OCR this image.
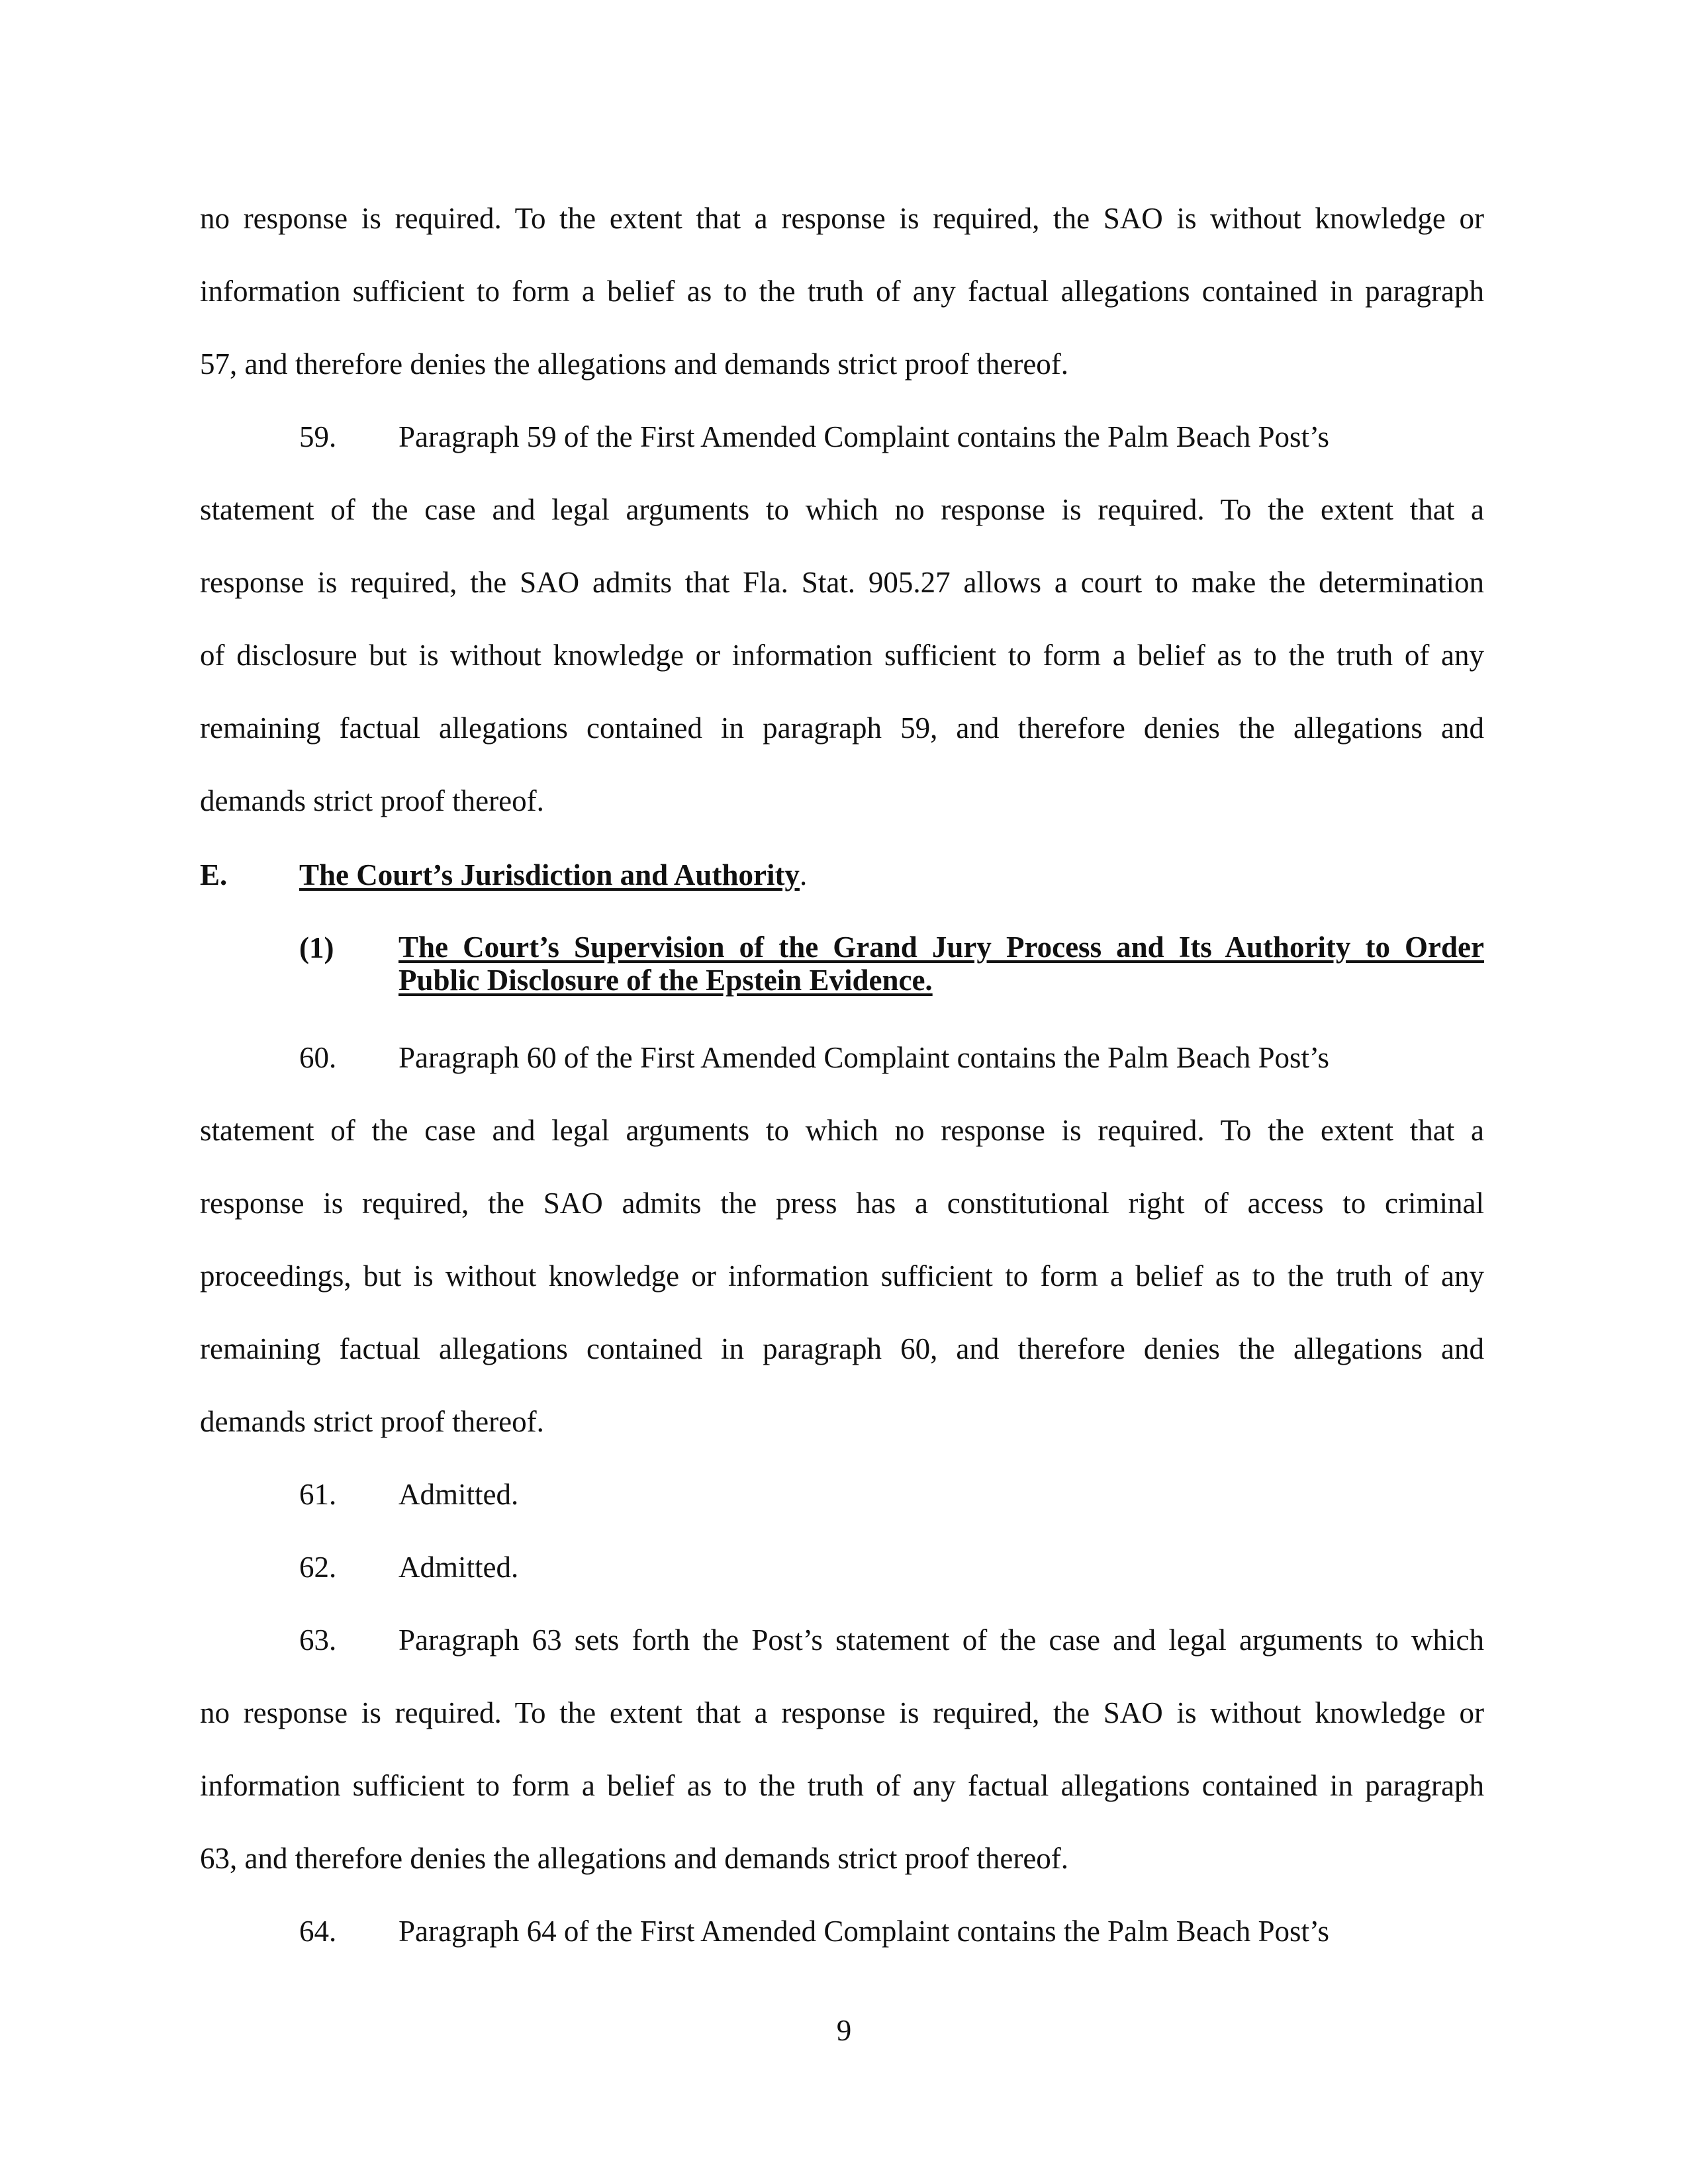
no response is required. To the extent that a response is required, the SAO is without knowledge or

information sufficient to form a belief as to the truth of any factual allegations contained in paragraph

57, and therefore denies the allegations and demands strict proof thereof.

59. Paragraph 59 of the First Amended Complaint contains the Palm Beach Post’s

statement of the case and legal arguments to which no response is required. To the extent that a

response is required, the SAO admits that Fla. Stat. 905.27 allows a court to make the determination

of disclosure but is without knowledge or information sufficient to form a belief as to the truth of any

remaining factual allegations contained in paragraph 59, and therefore denies the allegations and

demands strict proof thereof.

E. The Court’s Jurisdiction and Authority.

(1) The Court’s Supervision of the Grand Jury Process and Its Authority to Order
Public Disclosure of the Epstein Evidence.

60. Paragraph 60 of the First Amended Complaint contains the Palm Beach Post’s

statement of the case and legal arguments to which no response is required. To the extent that a

response is required, the SAO admits the press has a constitutional right of access to criminal

proceedings, but is without knowledge or information sufficient to form a belief as to the truth of any

remaining factual allegations contained in paragraph 60, and therefore denies the allegations and

demands strict proof thereof.

61. Admitted.

62. Admitted.

63. Paragraph 63 sets forth the Post’s statement of the case and legal arguments to which

no response is required. To the extent that a response is required, the SAO is without knowledge or

information sufficient to form a belief as to the truth of any factual allegations contained in paragraph

63, and therefore denies the allegations and demands strict proof thereof.

64. Paragraph 64 of the First Amended Complaint contains the Palm Beach Post’s

9
